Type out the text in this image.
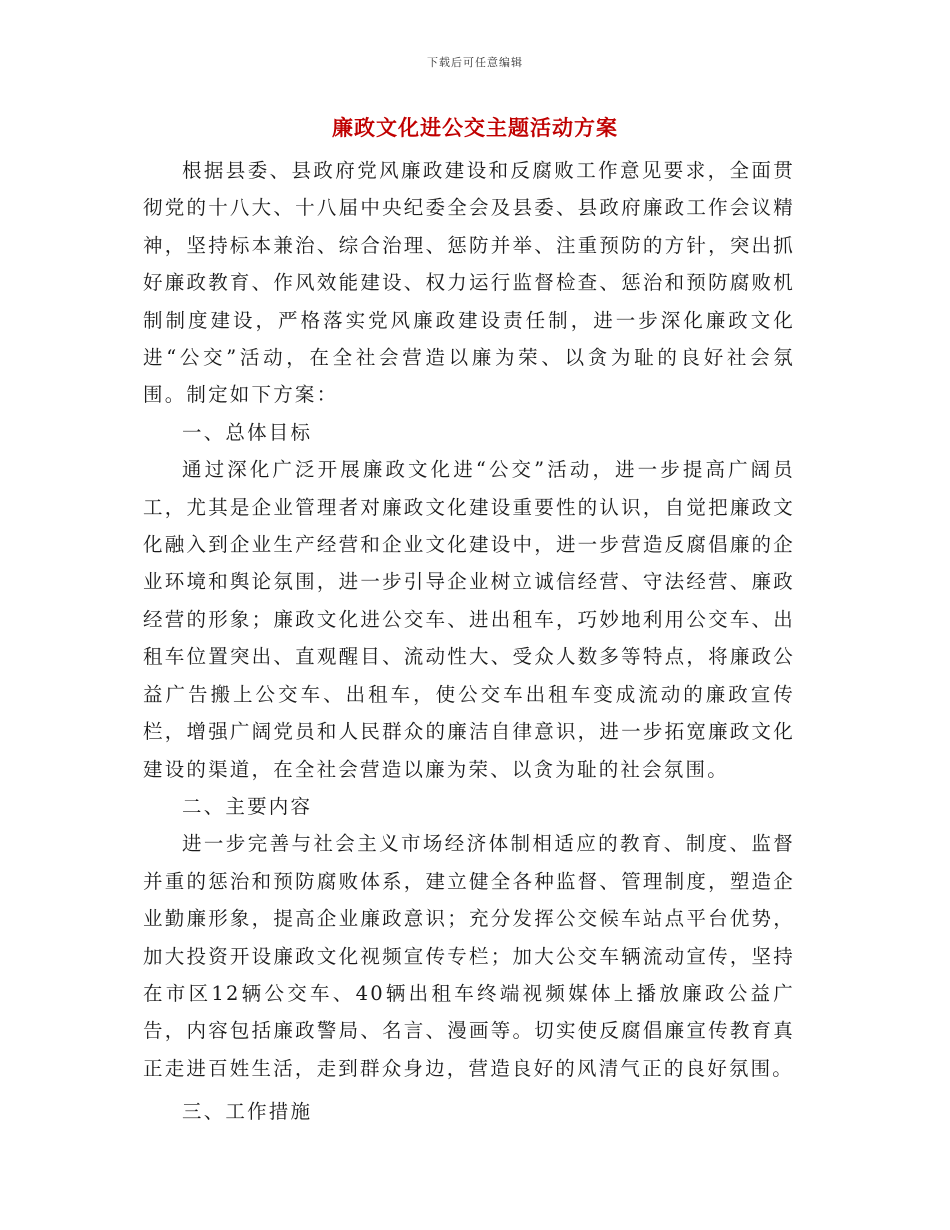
下载后可任意编辑
廉政文化进公交主题活动方案

根据县委、县政府党风廉政建设和反腐败工作意见要求，全面贯彻党的十八大、十八届中央纪委全会及县委、县政府廉政工作会议精神，坚持标本兼治、综合治理、惩防并举、注重预防的方针，突出抓好廉政教育、作风效能建设、权力运行监督检查、惩治和预防腐败机制制度建设，严格落实党风廉政建设责任制，进一步深化廉政文化进“公交”活动，在全社会营造以廉为荣、以贪为耻的良好社会氛围。制定如下方案：

一、总体目标

通过深化广泛开展廉政文化进“公交”活动，进一步提高广阔员工，尤其是企业管理者对廉政文化建设重要性的认识，自觉把廉政文化融入到企业生产经营和企业文化建设中，进一步营造反腐倡廉的企业环境和舆论氛围，进一步引导企业树立诚信经营、守法经营、廉政经营的形象；廉政文化进公交车、进出租车，巧妙地利用公交车、出租车位置突出、直观醒目、流动性大、受众人数多等特点，将廉政公益广告搬上公交车、出租车，使公交车出租车变成流动的廉政宣传栏，增强广阔党员和人民群众的廉洁自律意识，进一步拓宽廉政文化建设的渠道，在全社会营造以廉为荣、以贪为耻的社会氛围。

二、主要内容

进一步完善与社会主义市场经济体制相适应的教育、制度、监督并重的惩治和预防腐败体系，建立健全各种监督、管理制度，塑造企业勤廉形象，提高企业廉政意识；充分发挥公交候车站点平台优势，加大投资开设廉政文化视频宣传专栏；加大公交车辆流动宣传，坚持在市区12辆公交车、40辆出租车终端视频媒体上播放廉政公益广告，内容包括廉政警局、名言、漫画等。切实使反腐倡廉宣传教育真正走进百姓生活，走到群众身边，营造良好的风清气正的良好氛围。

三、工作措施
